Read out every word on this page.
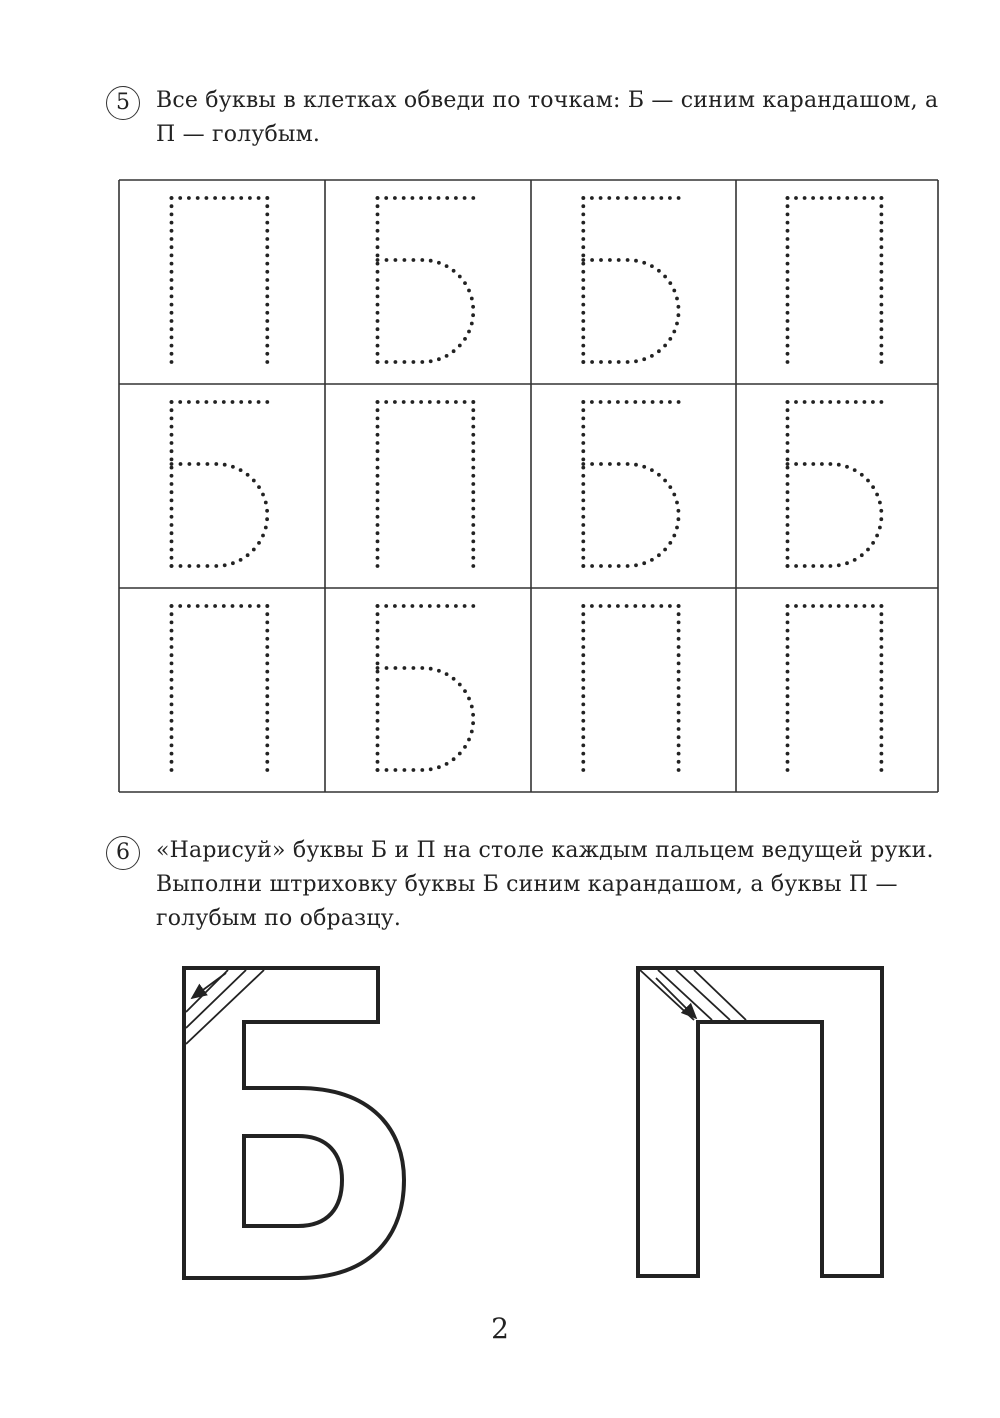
5	Все буквы в клетках обведи по точкам: Б — синим карандашом, а
П — голубым.
6	«Нарисуй» буквы Б и П на столе каждым пальцем ведущей руки.
Выполни штриховку буквы Б синим карандашом, а буквы П —
голубым по образцу.
2
